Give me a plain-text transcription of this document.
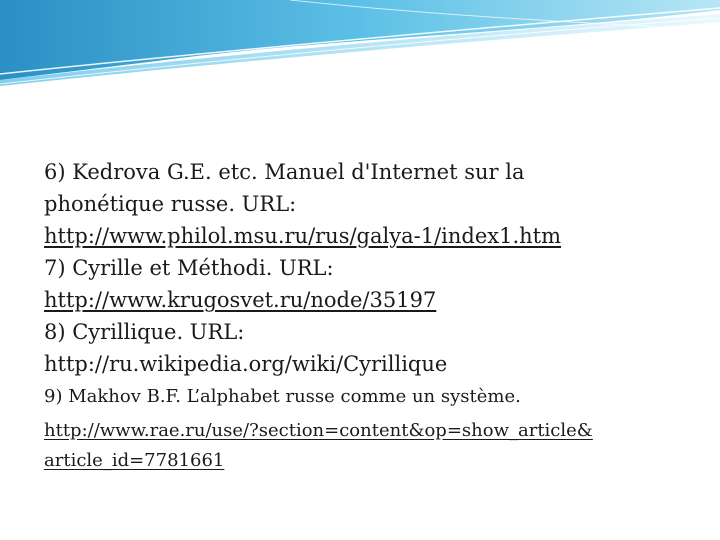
6) Kedrova G.E. etc. Manuel d'Internet sur la
phonétique russe. URL:
http://www.philol.msu.ru/rus/galya-1/index1.htm
7) Cyrille et Méthodi. URL:
http://www.krugosvet.ru/node/35197
8) Cyrillique. URL:
http://ru.wikipedia.org/wiki/Cyrillique
9) Makhov B.F. L’alphabet russe comme un système.
http://www.rae.ru/use/?section=content&op=show_article&
article_id=7781661
